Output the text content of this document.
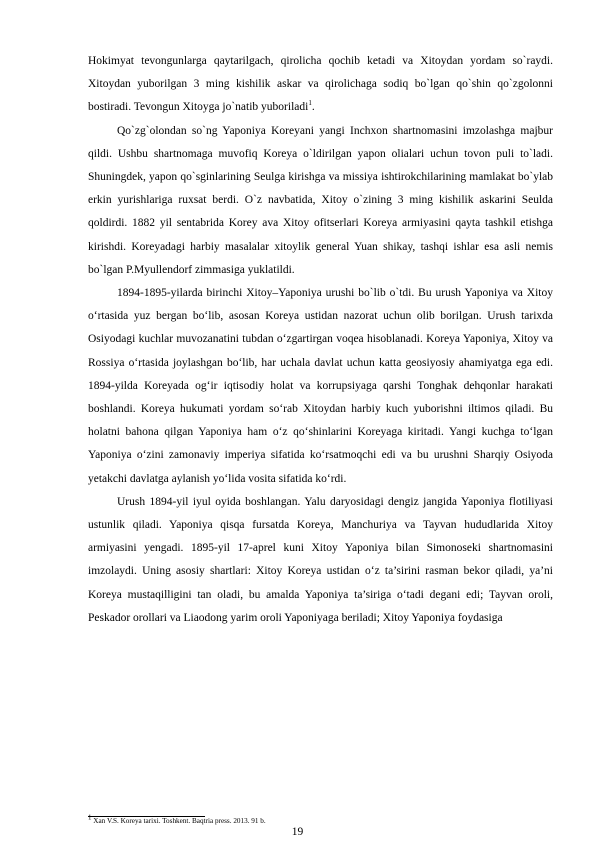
Hokimyat tevongunlarga qaytarilgach, qirolicha qochib ketadi va Xitoydan yordam so`raydi. Xitoydan yuborilgan 3 ming kishilik askar va qirolichaga sodiq bo`lgan qo`shin qo`zgolonni bostiradi. Tevongun Xitoyga jo`natib yuboriladi$^1$.

Qo`zg`olondan so`ng Yaponiya Koreyani yangi Inchxon shartnomasini imzolashga majbur qildi. Ushbu shartnomaga muvofiq Koreya o`ldirilgan yapon olialari uchun tovon puli to`ladi. Shuningdek, yapon qo`sginlarining Seulga kirishga va missiya ishtirokchilarining mamlakat bo`ylab erkin yurishlariga ruxsat berdi. O`z navbatida, Xitoy o`zining 3 ming kishilik askarini Seulda qoldirdi. 1882 yil sentabrida Korey ava Xitoy ofitserlari Koreya armiyasini qayta tashkil etishga kirishdi. Koreyadagi harbiy masalalar xitoylik general Yuan shikay, tashqi ishlar esa asli nemis bo`lgan P.Myullendorf zimmasiga yuklatildi.

1894-1895-yilarda birinchi Xitoy–Yaponiya urushi bo`lib o`tdi. Bu urush Yaponiya va Xitoy o‘rtasida yuz bergan bo‘lib, asosan Koreya ustidan nazorat uchun olib borilgan. Urush tarixda Osiyodagi kuchlar muvozanatini tubdan o‘zgartirgan voqea hisoblanadi. Koreya Yaponiya, Xitoy va Rossiya o‘rtasida joylashgan bo‘lib, har uchala davlat uchun katta geosiyosiy ahamiyatga ega edi. 1894-yilda Koreyada og‘ir iqtisodiy holat va korrupsiyaga qarshi Tonghak dehqonlar harakati boshlandi. Koreya hukumati yordam so‘rab Xitoydan harbiy kuch yuborishni iltimos qiladi. Bu holatni bahona qilgan Yaponiya ham o‘z qo‘shinlarini Koreyaga kiritadi. Yangi kuchga to‘lgan Yaponiya o‘zini zamonaviy imperiya sifatida ko‘rsatmoqchi edi va bu urushni Sharqiy Osiyoda yetakchi davlatga aylanish yo‘lida vosita sifatida ko‘rdi.

Urush 1894-yil iyul oyida boshlangan. Yalu daryosidagi dengiz jangida Yaponiya flotiliyasi ustunlik qiladi. Yaponiya qisqa fursatda Koreya, Manchuriya va Tayvan hududlarida Xitoy armiyasini yengadi. 1895-yil 17-aprel kuni Xitoy Yaponiya bilan Simonoseki shartnomasini imzolaydi. Uning asosiy shartlari: Xitoy Koreya ustidan o‘z ta’sirini rasman bekor qiladi, ya’ni Koreya mustaqilligini tan oladi, bu amalda Yaponiya ta’siriga o‘tadi degani edi; Tayvan oroli, Peskador orollari va Liaodong yarim oroli Yaponiyaga beriladi; Xitoy Yaponiya foydasiga

$^1$ Xan V.S. Koreya tarixi. Toshkent. Baqtria press. 2013. 91 b.
19
